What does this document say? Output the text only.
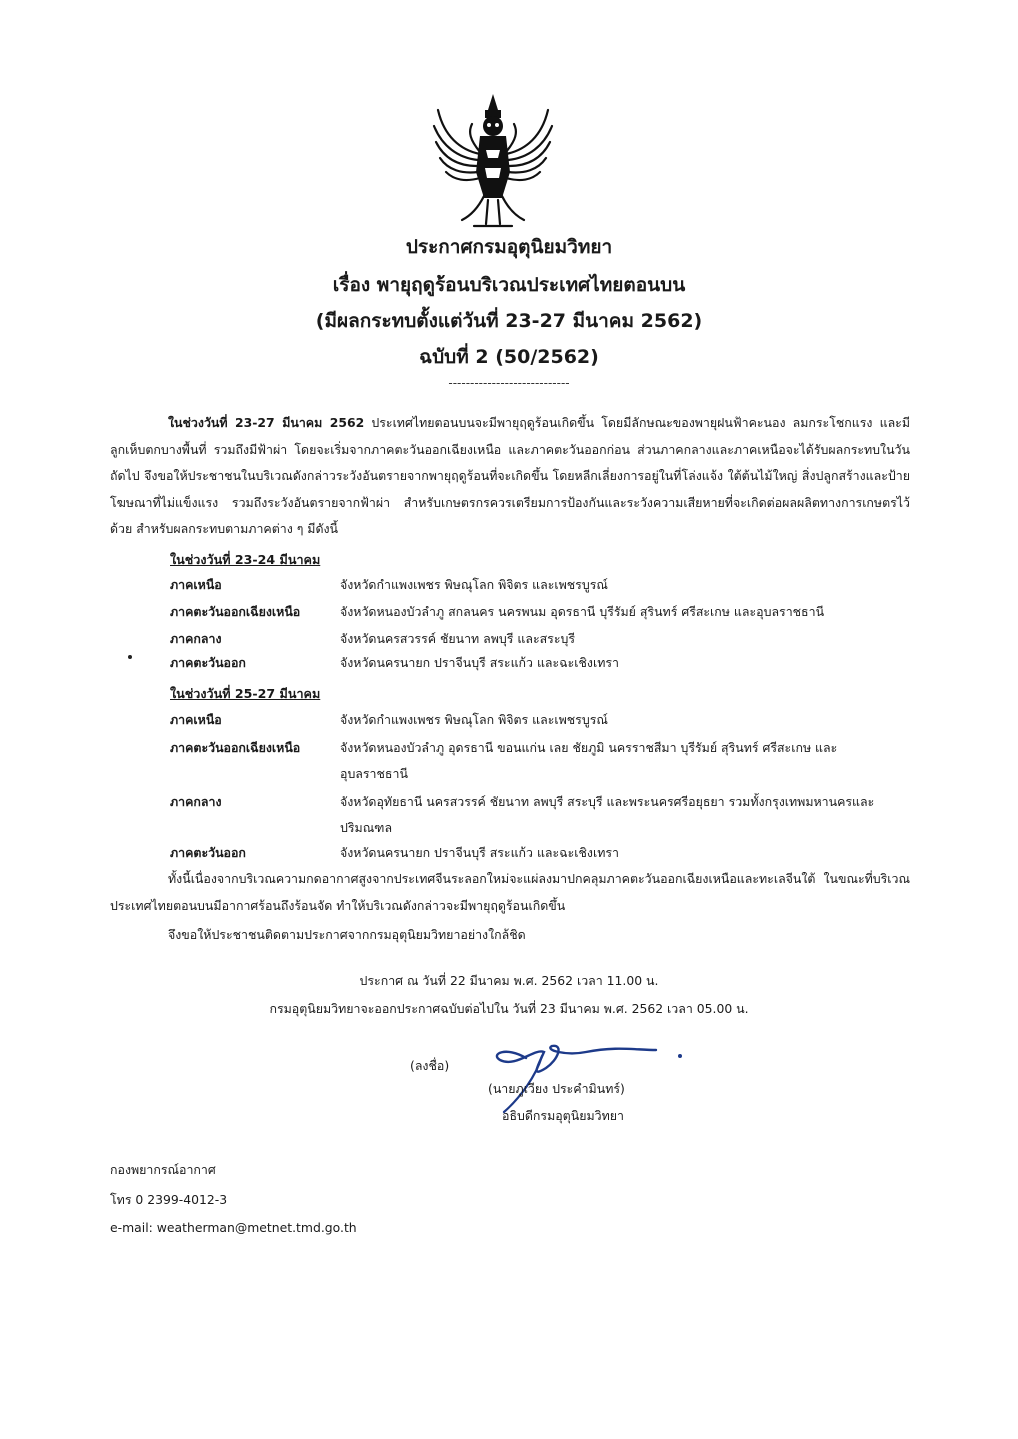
ประกาศกรมอุตุนิยมวิทยา
เรื่อง พายุฤดูร้อนบริเวณประเทศไทยตอนบน
(มีผลกระทบตั้งแต่วันที่ 23-27 มีนาคม 2562)
ฉบับที่ 2 (50/2562)
----------------------------
ในช่วงวันที่ 23-27 มีนาคม 2562 ประเทศไทยตอนบนจะมีพายุฤดูร้อนเกิดขึ้น โดยมีลักษณะของพายุฝนฟ้าคะนอง ลมกระโชกแรง และมีลูกเห็บตกบางพื้นที่ รวมถึงมีฟ้าผ่า โดยจะเริ่มจากภาคตะวันออกเฉียงเหนือ และภาคตะวันออกก่อน ส่วนภาคกลางและภาคเหนือจะได้รับผลกระทบในวันถัดไป จึงขอให้ประชาชนในบริเวณดังกล่าวระวังอันตรายจากพายุฤดูร้อนที่จะเกิดขึ้น โดยหลีกเลี่ยงการอยู่ในที่โล่งแจ้ง ใต้ต้นไม้ใหญ่ สิ่งปลูกสร้างและป้ายโฆษณาที่ไม่แข็งแรง รวมถึงระวังอันตรายจากฟ้าผ่า สำหรับเกษตรกรควรเตรียมการป้องกันและระวังความเสียหายที่จะเกิดต่อผลผลิตทางการเกษตรไว้ด้วย สำหรับผลกระทบตามภาคต่าง ๆ มีดังนี้
ในช่วงวันที่ 23-24 มีนาคม
ภาคเหนือ	จังหวัดกำแพงเพชร พิษณุโลก พิจิตร และเพชรบูรณ์
ภาคตะวันออกเฉียงเหนือ	จังหวัดหนองบัวลำภู สกลนคร นครพนม อุดรธานี บุรีรัมย์ สุรินทร์ ศรีสะเกษ และอุบลราชธานี
ภาคกลาง	จังหวัดนครสวรรค์ ชัยนาท ลพบุรี และสระบุรี
ภาคตะวันออก	จังหวัดนครนายก ปราจีนบุรี สระแก้ว และฉะเชิงเทรา
ในช่วงวันที่ 25-27 มีนาคม
ภาคเหนือ	จังหวัดกำแพงเพชร พิษณุโลก พิจิตร และเพชรบูรณ์
ภาคตะวันออกเฉียงเหนือ	จังหวัดหนองบัวลำภู อุดรธานี ขอนแก่น เลย ชัยภูมิ นครราชสีมา บุรีรัมย์ สุรินทร์ ศรีสะเกษ และอุบลราชธานี
ภาคกลาง	จังหวัดอุทัยธานี นครสวรรค์ ชัยนาท ลพบุรี สระบุรี และพระนครศรีอยุธยา รวมทั้งกรุงเทพมหานครและปริมณฑล
ภาคตะวันออก	จังหวัดนครนายก ปราจีนบุรี สระแก้ว และฉะเชิงเทรา
ทั้งนี้เนื่องจากบริเวณความกดอากาศสูงจากประเทศจีนระลอกใหม่จะแผ่ลงมาปกคลุมภาคตะวันออกเฉียงเหนือและทะเลจีนใต้ ในขณะที่บริเวณประเทศไทยตอนบนมีอากาศร้อนถึงร้อนจัด ทำให้บริเวณดังกล่าวจะมีพายุฤดูร้อนเกิดขึ้น
จึงขอให้ประชาชนติดตามประกาศจากกรมอุตุนิยมวิทยาอย่างใกล้ชิด
ประกาศ ณ วันที่ 22 มีนาคม พ.ศ. 2562 เวลา 11.00 น.
กรมอุตุนิยมวิทยาจะออกประกาศฉบับต่อไปใน วันที่ 23 มีนาคม พ.ศ. 2562 เวลา 05.00 น.
(ลงชื่อ)
(นายภูเวียง ประคำมินทร์)
อธิบดีกรมอุตุนิยมวิทยา
กองพยากรณ์อากาศ
โทร 0 2399-4012-3
e-mail: weatherman@metnet.tmd.go.th
